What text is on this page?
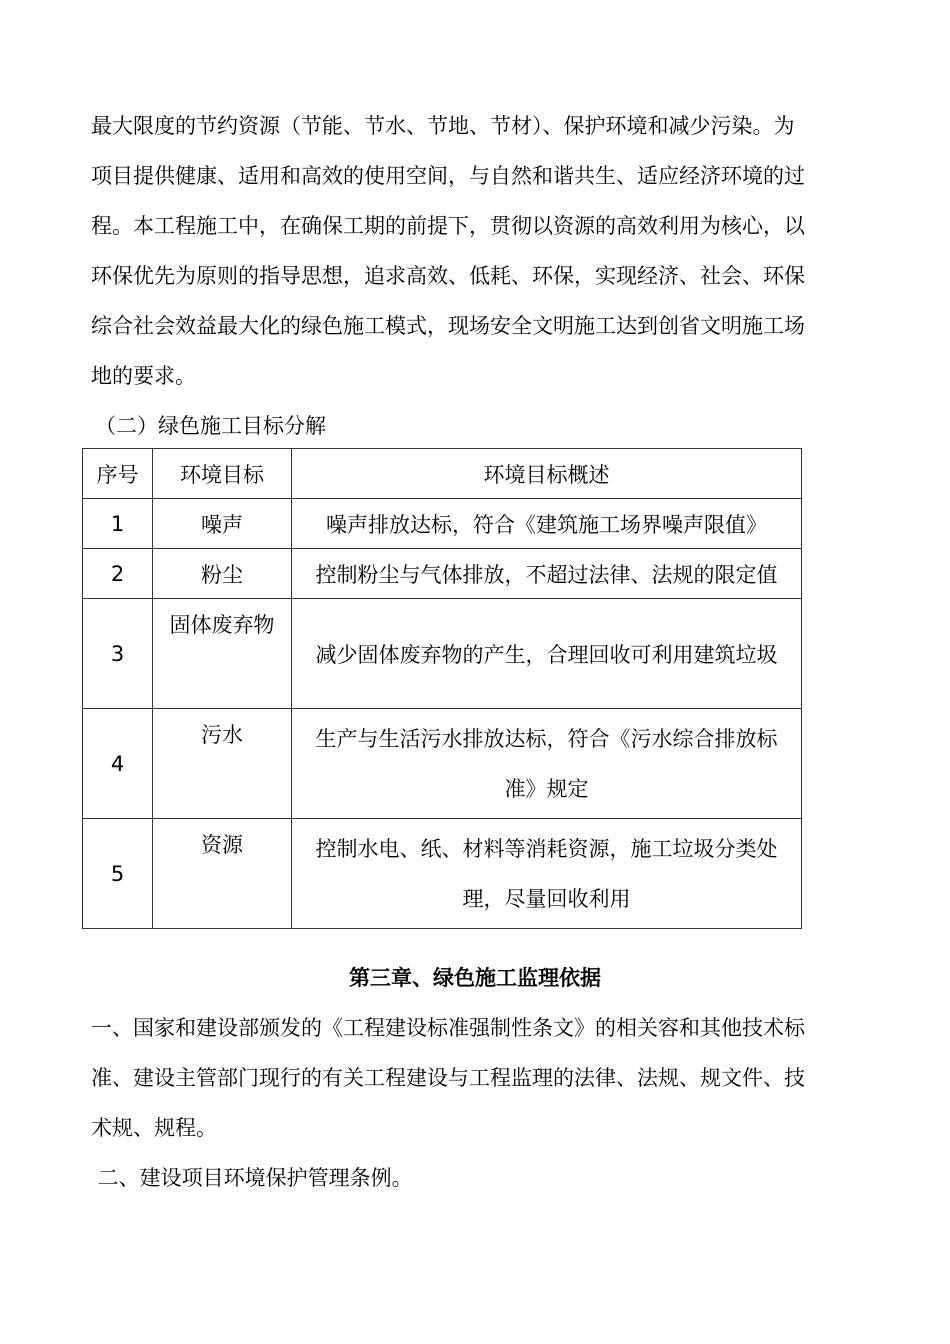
最大限度的节约资源（节能、节水、节地、节材）、保护环境和减少污染。为
项目提供健康、适用和高效的使用空间，与自然和谐共生、适应经济环境的过
程。本工程施工中，在确保工期的前提下，贯彻以资源的高效利用为核心，以
环保优先为原则的指导思想，追求高效、低耗、环保，实现经济、社会、环保
综合社会效益最大化的绿色施工模式，现场安全文明施工达到创省文明施工场
地的要求。

（二）绿色施工目标分解

序号	环境目标	环境目标概述
1	噪声	噪声排放达标，符合《建筑施工场界噪声限值》
2	粉尘	控制粉尘与气体排放，不超过法律、法规的限定值
3	固体废弃物	减少固体废弃物的产生，合理回收可利用建筑垃圾
4	污水	生产与生活污水排放达标，符合《污水综合排放标
准》规定

5	资源	控制水电、纸、材料等消耗资源，施工垃圾分类处
理，尽量回收利用

第三章、绿色施工监理依据

一、国家和建设部颁发的《工程建设标准强制性条文》的相关容和其他技术标
准、建设主管部门现行的有关工程建设与工程监理的法律、法规、规文件、技
术规、规程。
二、建设项目环境保护管理条例。
